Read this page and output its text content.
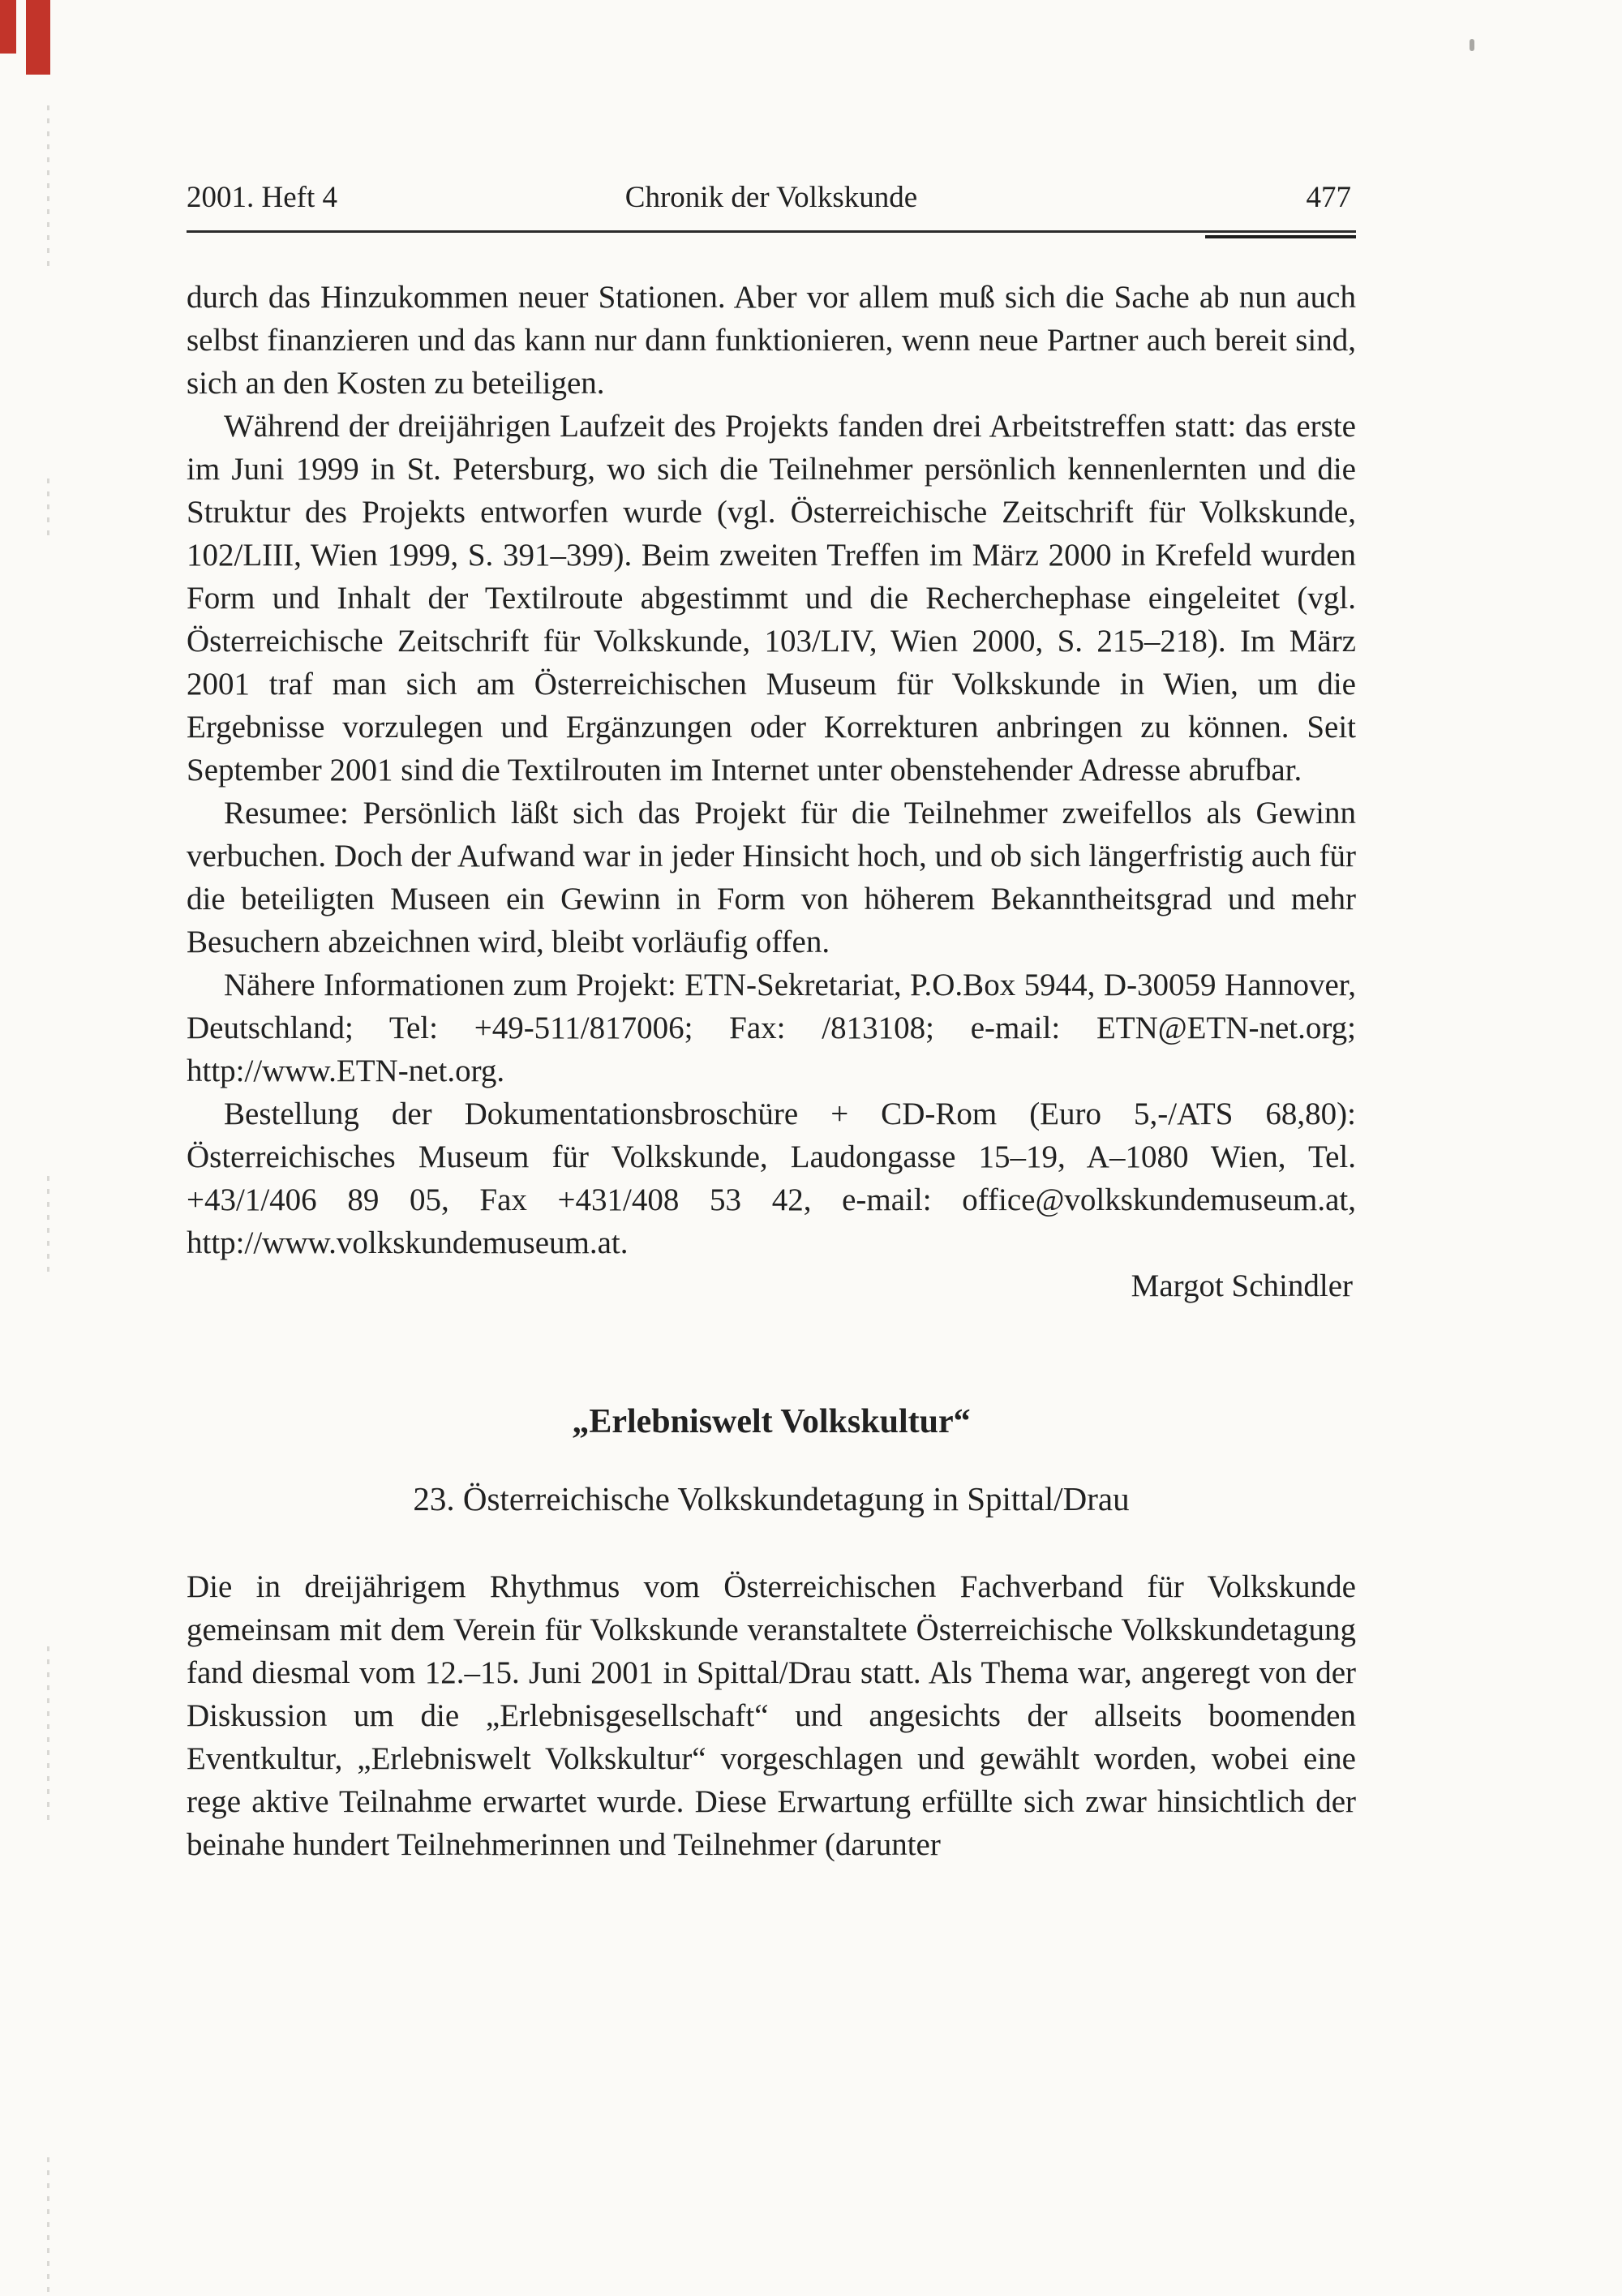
2001. Heft 4	Chronik der Volkskunde	477

durch das Hinzukommen neuer Stationen. Aber vor allem muß sich die Sache ab nun auch selbst finanzieren und das kann nur dann funktionieren, wenn neue Partner auch bereit sind, sich an den Kosten zu beteiligen.

Während der dreijährigen Laufzeit des Projekts fanden drei Arbeitstreffen statt: das erste im Juni 1999 in St. Petersburg, wo sich die Teilnehmer persönlich kennenlernten und die Struktur des Projekts entworfen wurde (vgl. Österreichische Zeitschrift für Volkskunde, 102/LIII, Wien 1999, S. 391–399). Beim zweiten Treffen im März 2000 in Krefeld wurden Form und Inhalt der Textilroute abgestimmt und die Recherchephase eingeleitet (vgl. Österreichische Zeitschrift für Volkskunde, 103/LIV, Wien 2000, S. 215–218). Im März 2001 traf man sich am Österreichischen Museum für Volkskunde in Wien, um die Ergebnisse vorzulegen und Ergänzungen oder Korrekturen anbringen zu können. Seit September 2001 sind die Textilrouten im Internet unter obenstehender Adresse abrufbar.

Resumee: Persönlich läßt sich das Projekt für die Teilnehmer zweifellos als Gewinn verbuchen. Doch der Aufwand war in jeder Hinsicht hoch, und ob sich längerfristig auch für die beteiligten Museen ein Gewinn in Form von höherem Bekanntheitsgrad und mehr Besuchern abzeichnen wird, bleibt vorläufig offen.

Nähere Informationen zum Projekt: ETN-Sekretariat, P.O.Box 5944, D-30059 Hannover, Deutschland; Tel: +49-511/817006; Fax: /813108; e-mail: ETN@ETN-net.org; http://www.ETN-net.org.

Bestellung der Dokumentationsbroschüre + CD-Rom (Euro 5,-/ATS 68,80): Österreichisches Museum für Volkskunde, Laudongasse 15–19, A–1080 Wien, Tel. +43/1/406 89 05, Fax +431/408 53 42, e-mail: office@volkskundemuseum.at, http://www.volkskundemuseum.at.

Margot Schindler

„Erlebniswelt Volkskultur“
23. Österreichische Volkskundetagung in Spittal/Drau

Die in dreijährigem Rhythmus vom Österreichischen Fachverband für Volkskunde gemeinsam mit dem Verein für Volkskunde veranstaltete Österreichische Volkskundetagung fand diesmal vom 12.–15. Juni 2001 in Spittal/Drau statt. Als Thema war, angeregt von der Diskussion um die „Erlebnisgesellschaft“ und angesichts der allseits boomenden Eventkultur, „Erlebniswelt Volkskultur“ vorgeschlagen und gewählt worden, wobei eine rege aktive Teilnahme erwartet wurde. Diese Erwartung erfüllte sich zwar hinsichtlich der beinahe hundert Teilnehmerinnen und Teilnehmer (darunter
